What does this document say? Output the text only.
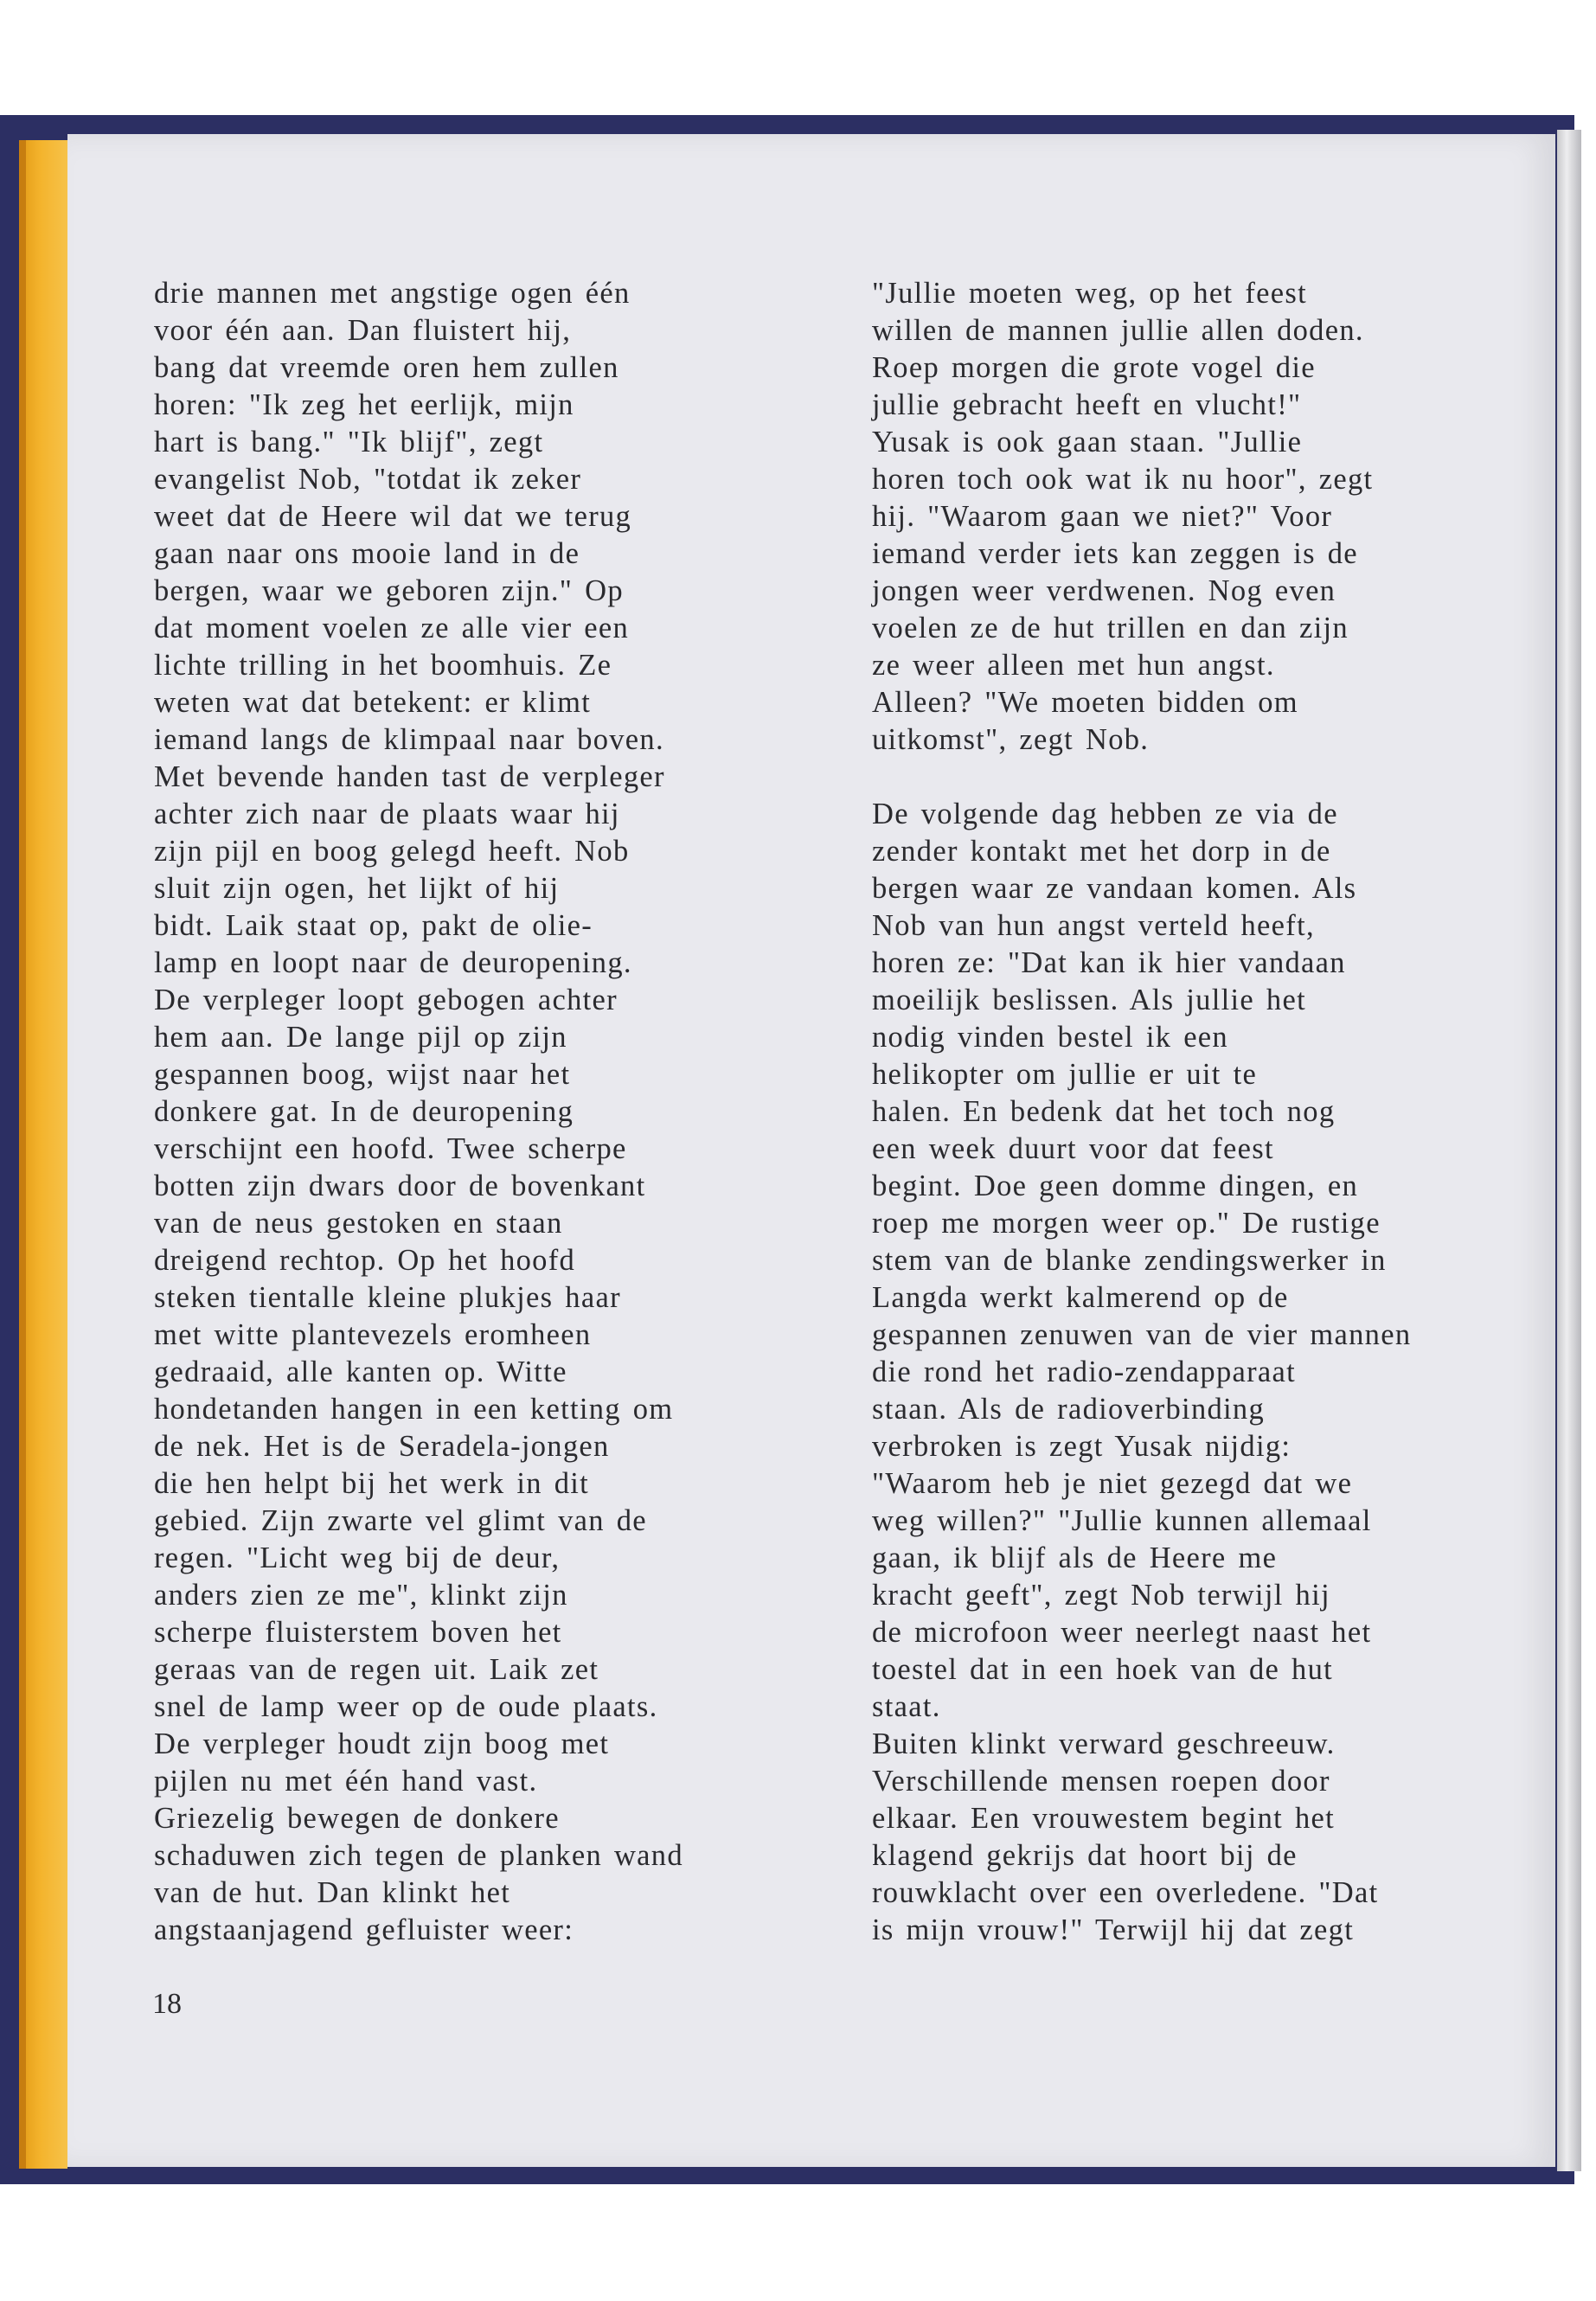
drie mannen met angstige ogen één
voor één aan. Dan fluistert hij,
bang dat vreemde oren hem zullen
horen: "Ik zeg het eerlijk, mijn
hart is bang." "Ik blijf", zegt
evangelist Nob, "totdat ik zeker
weet dat de Heere wil dat we terug
gaan naar ons mooie land in de
bergen, waar we geboren zijn." Op
dat moment voelen ze alle vier een
lichte trilling in het boomhuis. Ze
weten wat dat betekent: er klimt
iemand langs de klimpaal naar boven.
Met bevende handen tast de verpleger
achter zich naar de plaats waar hij
zijn pijl en boog gelegd heeft. Nob
sluit zijn ogen, het lijkt of hij
bidt. Laik staat op, pakt de olie-
lamp en loopt naar de deuropening.
De verpleger loopt gebogen achter
hem aan. De lange pijl op zijn
gespannen boog, wijst naar het
donkere gat. In de deuropening
verschijnt een hoofd. Twee scherpe
botten zijn dwars door de bovenkant
van de neus gestoken en staan
dreigend rechtop. Op het hoofd
steken tientalle kleine plukjes haar
met witte plantevezels eromheen
gedraaid, alle kanten op. Witte
hondetanden hangen in een ketting om
de nek. Het is de Seradela-jongen
die hen helpt bij het werk in dit
gebied. Zijn zwarte vel glimt van de
regen. "Licht weg bij de deur,
anders zien ze me", klinkt zijn
scherpe fluisterstem boven het
geraas van de regen uit. Laik zet
snel de lamp weer op de oude plaats.
De verpleger houdt zijn boog met
pijlen nu met één hand vast.
Griezelig bewegen de donkere
schaduwen zich tegen de planken wand
van de hut. Dan klinkt het
angstaanjagend gefluister weer:
"Jullie moeten weg, op het feest
willen de mannen jullie allen doden.
Roep morgen die grote vogel die
jullie gebracht heeft en vlucht!"
Yusak is ook gaan staan. "Jullie
horen toch ook wat ik nu hoor", zegt
hij. "Waarom gaan we niet?" Voor
iemand verder iets kan zeggen is de
jongen weer verdwenen. Nog even
voelen ze de hut trillen en dan zijn
ze weer alleen met hun angst.
Alleen? "We moeten bidden om
uitkomst", zegt Nob.
De volgende dag hebben ze via de
zender kontakt met het dorp in de
bergen waar ze vandaan komen. Als
Nob van hun angst verteld heeft,
horen ze: "Dat kan ik hier vandaan
moeilijk beslissen. Als jullie het
nodig vinden bestel ik een
helikopter om jullie er uit te
halen. En bedenk dat het toch nog
een week duurt voor dat feest
begint. Doe geen domme dingen, en
roep me morgen weer op." De rustige
stem van de blanke zendingswerker in
Langda werkt kalmerend op de
gespannen zenuwen van de vier mannen
die rond het radio-zendapparaat
staan. Als de radioverbinding
verbroken is zegt Yusak nijdig:
"Waarom heb je niet gezegd dat we
weg willen?" "Jullie kunnen allemaal
gaan, ik blijf als de Heere me
kracht geeft", zegt Nob terwijl hij
de microfoon weer neerlegt naast het
toestel dat in een hoek van de hut
staat.
Buiten klinkt verward geschreeuw.
Verschillende mensen roepen door
elkaar. Een vrouwestem begint het
klagend gekrijs dat hoort bij de
rouwklacht over een overledene. "Dat
is mijn vrouw!" Terwijl hij dat zegt
18
